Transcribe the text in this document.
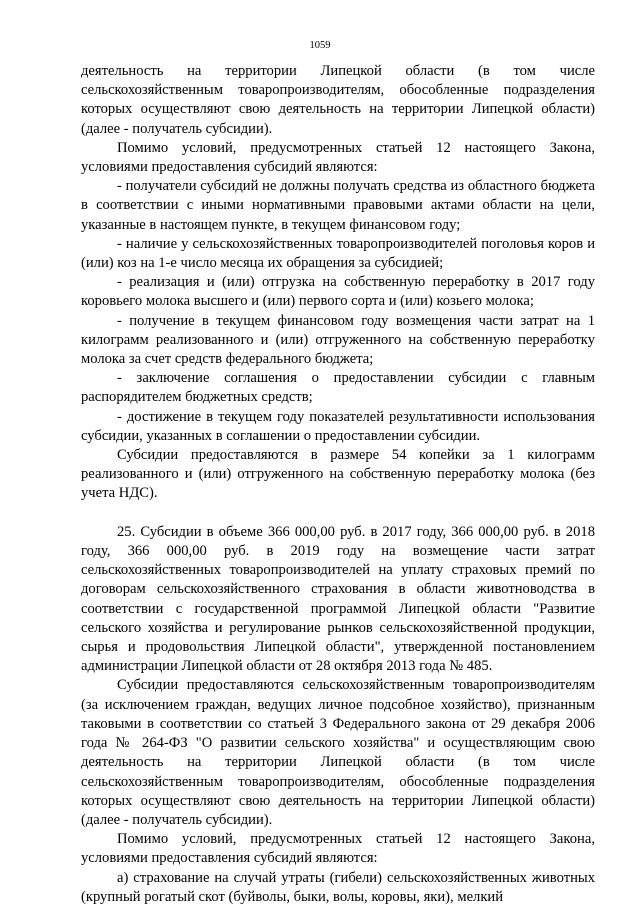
1059

деятельность на территории Липецкой области (в том числе сельскохозяйственным товаропроизводителям, обособленные подразделения которых осуществляют свою деятельность на территории Липецкой области) (далее - получатель субсидии).

Помимо условий, предусмотренных статьей 12 настоящего Закона, условиями предоставления субсидий являются:

- получатели субсидий не должны получать средства из областного бюджета в соответствии с иными нормативными правовыми актами области на цели, указанные в настоящем пункте, в текущем финансовом году;

- наличие у сельскохозяйственных товаропроизводителей поголовья коров и (или) коз на 1-е число месяца их обращения за субсидией;

- реализация и (или) отгрузка на собственную переработку в 2017 году коровьего молока высшего и (или) первого сорта и (или) козьего молока;

- получение в текущем финансовом году возмещения части затрат на 1 килограмм реализованного и (или) отгруженного на собственную переработку молока за счет средств федерального бюджета;

- заключение соглашения о предоставлении субсидии с главным распорядителем бюджетных средств;

- достижение в текущем году показателей результативности использования субсидии, указанных в соглашении о предоставлении субсидии.

Субсидии предоставляются в размере 54 копейки за 1 килограмм реализованного и (или) отгруженного на собственную переработку молока (без учета НДС).

25. Субсидии в объеме 366 000,00 руб. в 2017 году, 366 000,00 руб. в 2018 году, 366 000,00 руб. в 2019 году на возмещение части затрат сельскохозяйственных товаропроизводителей на уплату страховых премий по договорам сельскохозяйственного страхования в области животноводства в соответствии с государственной программой Липецкой области "Развитие сельского хозяйства и регулирование рынков сельскохозяйственной продукции, сырья и продовольствия Липецкой области", утвержденной постановлением администрации Липецкой области от 28 октября 2013 года № 485.

Субсидии предоставляются сельскохозяйственным товаропроизводителям (за исключением граждан, ведущих личное подсобное хозяйство), признанным таковыми в соответствии со статьей 3 Федерального закона от 29 декабря 2006 года № 264-ФЗ "О развитии сельского хозяйства" и осуществляющим свою деятельность на территории Липецкой области (в том числе сельскохозяйственным товаропроизводителям, обособленные подразделения которых осуществляют свою деятельность на территории Липецкой области) (далее - получатель субсидии).

Помимо условий, предусмотренных статьей 12 настоящего Закона, условиями предоставления субсидий являются:

а) страхование на случай утраты (гибели) сельскохозяйственных животных (крупный рогатый скот (буйволы, быки, волы, коровы, яки), мелкий
